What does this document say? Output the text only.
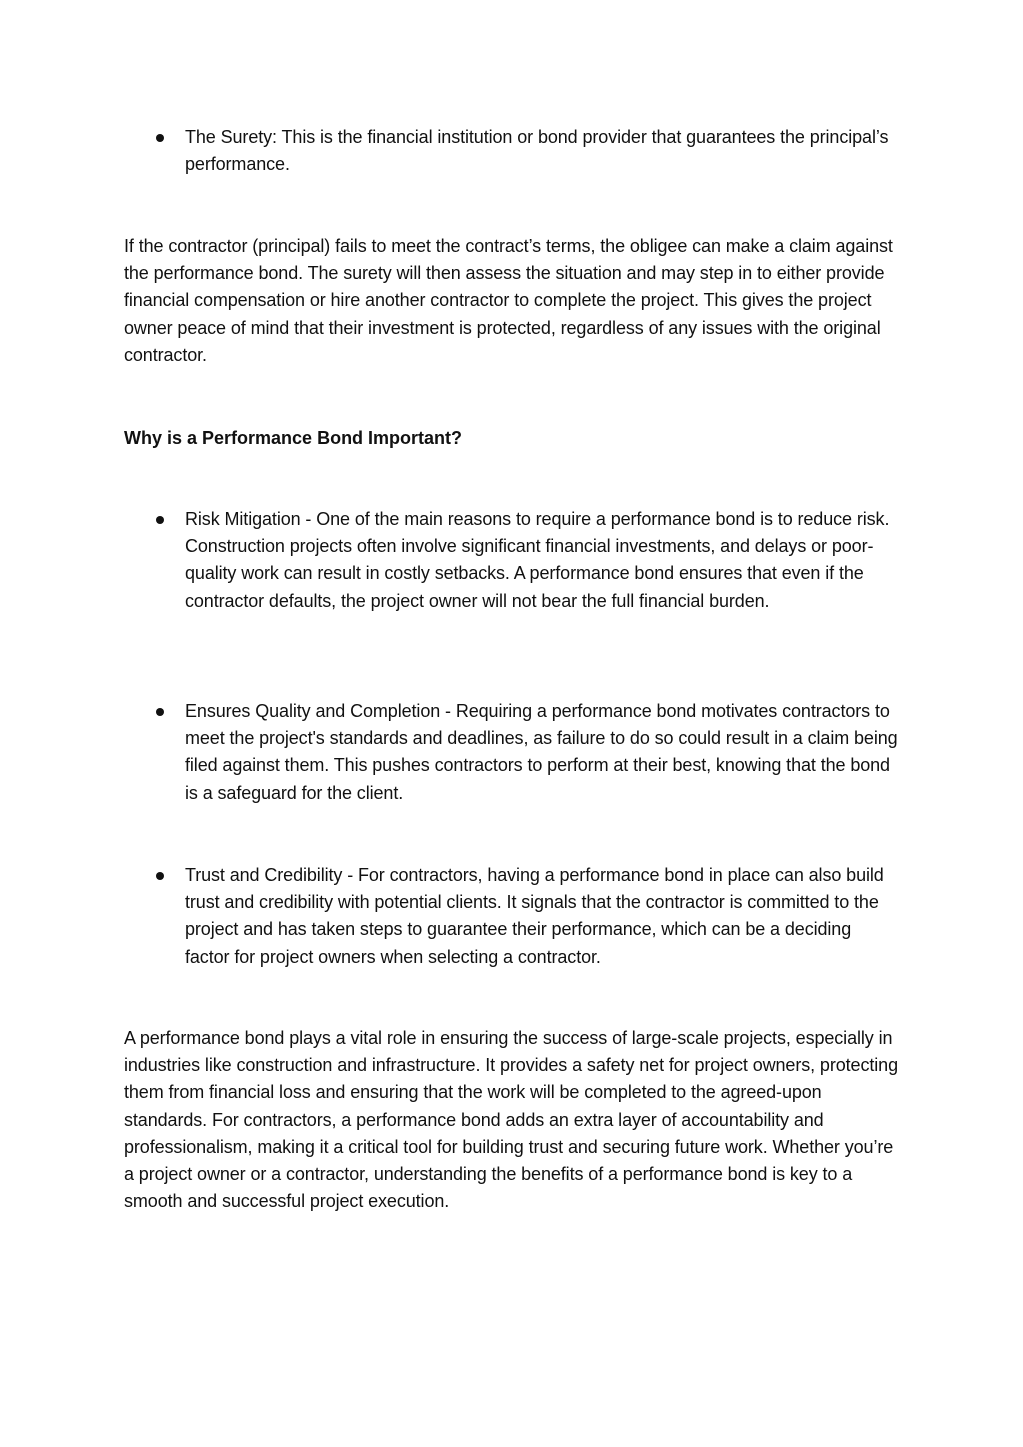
The Surety: This is the financial institution or bond provider that guarantees the principal’s performance.
If the contractor (principal) fails to meet the contract’s terms, the obligee can make a claim against the performance bond. The surety will then assess the situation and may step in to either provide financial compensation or hire another contractor to complete the project. This gives the project owner peace of mind that their investment is protected, regardless of any issues with the original contractor.
Why is a Performance Bond Important?
Risk Mitigation - One of the main reasons to require a performance bond is to reduce risk. Construction projects often involve significant financial investments, and delays or poor-quality work can result in costly setbacks. A performance bond ensures that even if the contractor defaults, the project owner will not bear the full financial burden.
Ensures Quality and Completion - Requiring a performance bond motivates contractors to meet the project's standards and deadlines, as failure to do so could result in a claim being filed against them. This pushes contractors to perform at their best, knowing that the bond is a safeguard for the client.
Trust and Credibility - For contractors, having a performance bond in place can also build trust and credibility with potential clients. It signals that the contractor is committed to the project and has taken steps to guarantee their performance, which can be a deciding factor for project owners when selecting a contractor.
A performance bond plays a vital role in ensuring the success of large-scale projects, especially in industries like construction and infrastructure. It provides a safety net for project owners, protecting them from financial loss and ensuring that the work will be completed to the agreed-upon standards. For contractors, a performance bond adds an extra layer of accountability and professionalism, making it a critical tool for building trust and securing future work. Whether you’re a project owner or a contractor, understanding the benefits of a performance bond is key to a smooth and successful project execution.
